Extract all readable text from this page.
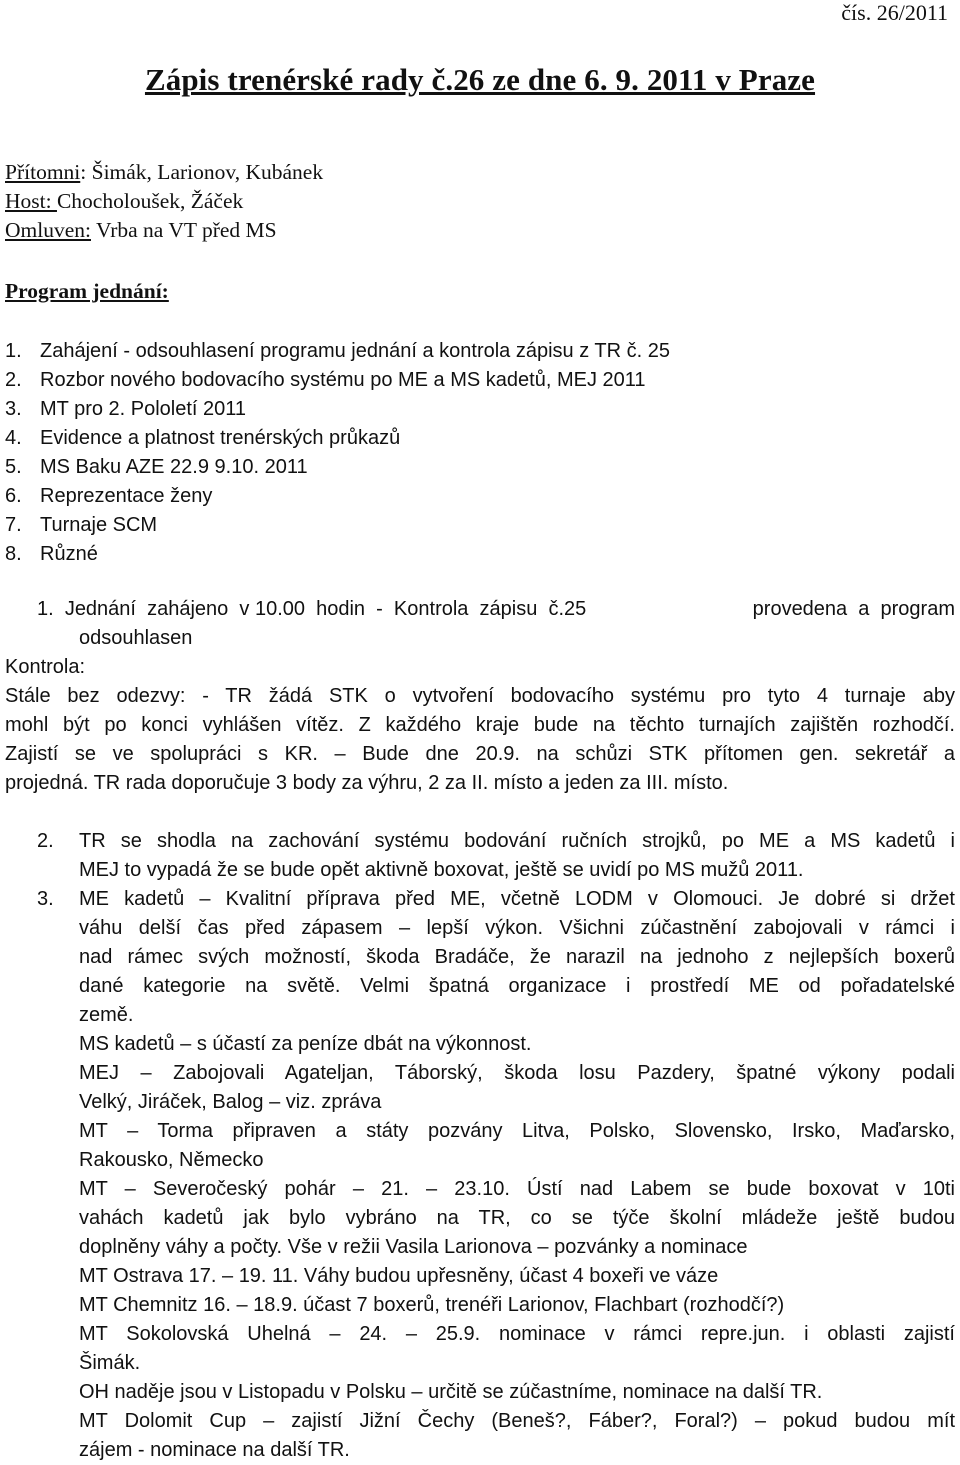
čís. 26/2011
Zápis trenérské rady č.26 ze dne 6. 9. 2011 v Praze
Přítomni: Šimák, Larionov, Kubánek
Host: Chocholoušek, Žáček
Omluven: Vrba na VT před MS
Program jednání:
1. Zahájení - odsouhlasení programu jednání a kontrola zápisu z TR č. 25
2. Rozbor nového bodovacího systému po ME a MS kadetů, MEJ 2011
3. MT pro 2. Pololetí 2011
4. Evidence a platnost trenérských průkazů
5. MS Baku AZE 22.9 9.10. 2011
6. Reprezentace ženy
7. Turnaje SCM
8. Různé
1. Jednání  zahájeno  v 10.00  hodin  -  Kontrola  zápisu  č.25	provedena  a  program
odsouhlasen
Kontrola:
Stále bez odezvy: - TR žádá STK o vytvoření bodovacího systému pro tyto 4 turnaje aby
mohl být po konci vyhlášen vítěz. Z každého kraje bude na těchto turnajích zajištěn rozhodčí.
Zajistí se ve spolupráci s KR. – Bude dne 20.9. na schůzi STK přítomen gen. sekretář a
projedná. TR rada doporučuje 3 body za výhru, 2 za II. místo a jeden za III. místo.
2.	TR se shodla na zachování systému bodování ručních strojků, po ME a MS kadetů i
MEJ to vypadá že se bude opět aktivně boxovat, ještě se uvidí po MS mužů 2011.
3.	ME kadetů – Kvalitní příprava před ME, včetně LODM v Olomouci. Je dobré si držet
váhu delší čas před zápasem – lepší výkon. Všichni zúčastnění zabojovali v rámci i
nad rámec svých možností, škoda Bradáče, že narazil na jednoho z nejlepších boxerů
dané kategorie na světě. Velmi špatná organizace i prostředí ME od pořadatelské
země.
MS kadetů – s účastí za peníze dbát na výkonnost.
MEJ – Zabojovali Agateljan, Táborský, škoda losu Pazdery, špatné výkony podali
Velký, Jiráček, Balog – viz. zpráva
MT – Torma připraven a státy pozvány Litva, Polsko, Slovensko, Irsko, Maďarsko,
Rakousko, Německo
MT – Severočeský pohár – 21. – 23.10. Ústí nad Labem se bude boxovat v 10ti
vahách kadetů jak bylo vybráno na TR, co se týče školní mládeže ještě budou
doplněny váhy a počty. Vše v režii Vasila Larionova – pozvánky a nominace
MT Ostrava 17. – 19. 11. Váhy budou upřesněny, účast 4 boxeři ve váze
MT Chemnitz 16. – 18.9. účast 7 boxerů, trenéři Larionov, Flachbart (rozhodčí?)
MT Sokolovská Uhelná – 24. – 25.9. nominace v rámci repre.jun. i oblasti zajistí
Šimák.
OH naděje jsou v Listopadu v Polsku – určitě se zúčastníme, nominace na další TR.
MT Dolomit Cup – zajistí Jižní Čechy (Beneš?, Fáber?, Foral?) – pokud budou mít
zájem - nominace na další TR.
